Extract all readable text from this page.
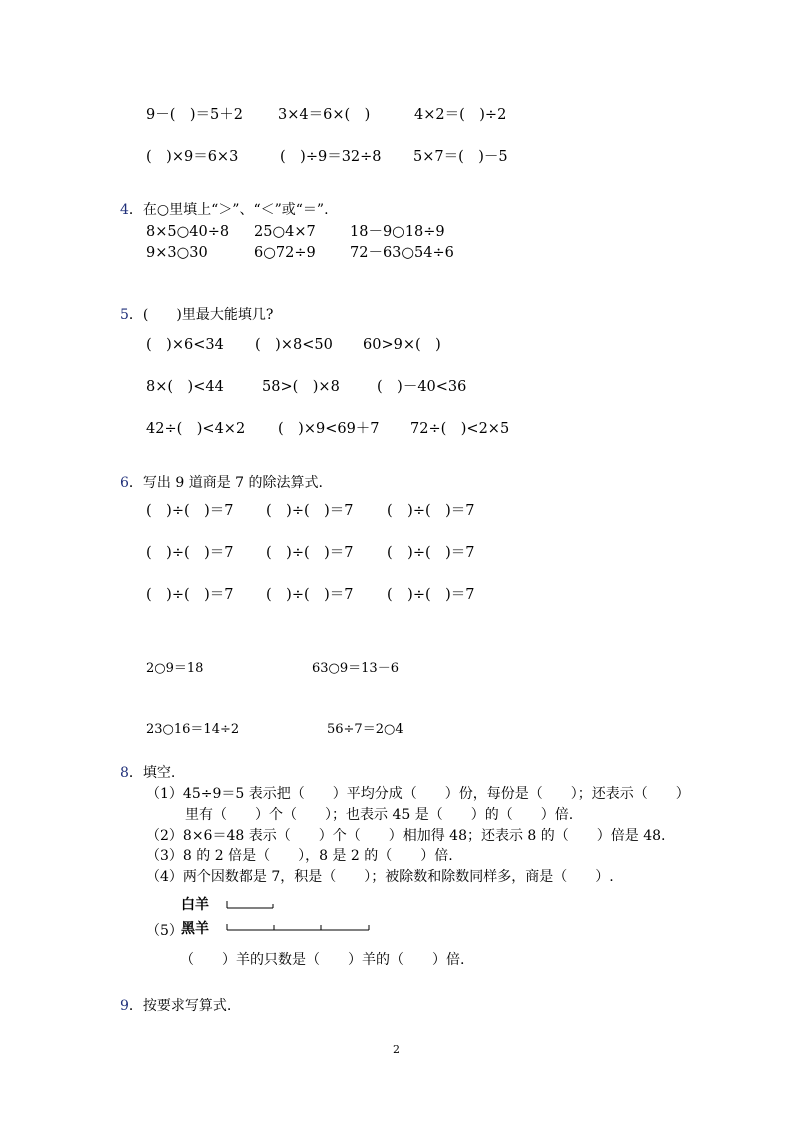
9－(　)＝5＋2 3×4＝6×(　)	4×2＝(　)÷2
(　)×9＝6×3	(　)÷9＝32÷8 5×7＝(　)－5
4．在○里填上“＞”、“＜”或“＝”.
8×5○40÷8 25○4×7 18－9○18÷9
9×3○30	6○72÷9 72－63○54÷6
5．(　　)里最大能填几?
(　)×6<34 (　)×8<50 60>9×(　)
8×(　)<44	58>(　)×8	(　)－40<36
42÷(　)<4×2 (　)×9<69＋7 72÷(　)<2×5
6．写出 9 道商是 7 的除法算式.
(　)÷(　)＝7 (　)÷(　)＝7 (　)÷(　)＝7
(　)÷(　)＝7 (　)÷(　)＝7 (　)÷(　)＝7
(　)÷(　)＝7 (　)÷(　)＝7 (　)÷(　)＝7
2○9＝18	63○9＝13－6
23○16＝14÷2	56÷7＝2○4
8．填空.
（1）45÷9＝5 表示把（　　）平均分成（　　）份，每份是（　　）；还表示（　　）
里有（　　）个（　　）；也表示 45 是（　　）的（　　）倍.
（2）8×6＝48 表示（　　）个（　　）相加得 48；还表示 8 的（　　）倍是 48.
（3）8 的 2 倍是（　　），8 是 2 的（　　）倍.
（4）两个因数都是 7，积是（　　）；被除数和除数同样多，商是（　　）.
白羊
（5）
黑羊
（　　）羊的只数是（　　）羊的（　　）倍.
9．按要求写算式.
2
